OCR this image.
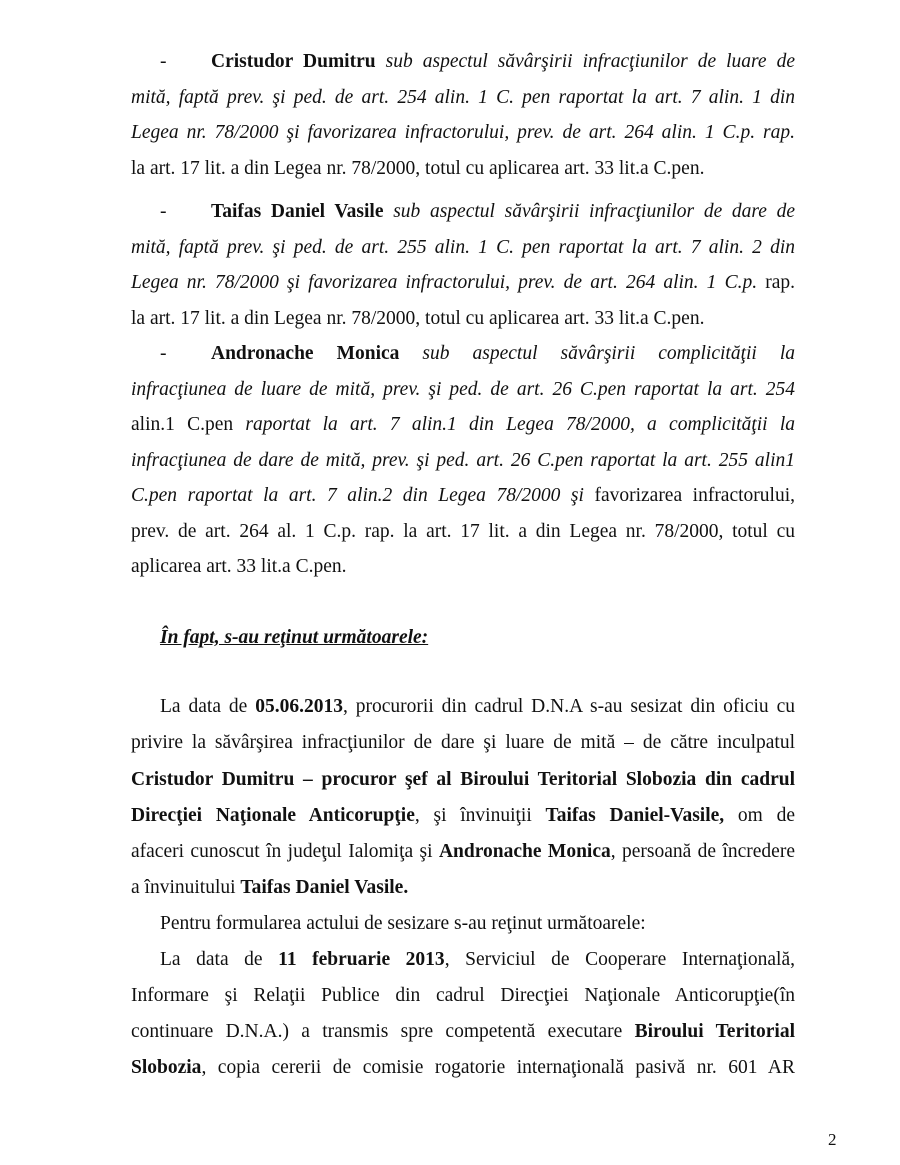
-	Cristudor Dumitru sub aspectul săvârşirii infracţiunilor de luare de
mită, faptă prev. şi ped. de art. 254 alin. 1 C. pen raportat la art. 7 alin. 1 din
Legea nr. 78/2000 şi favorizarea infractorului, prev. de art. 264 alin. 1 C.p. rap.
la art. 17 lit. a din Legea nr. 78/2000, totul cu aplicarea art. 33 lit.a C.pen.
-	Taifas Daniel Vasile sub aspectul săvârşirii infracţiunilor de dare de
mită, faptă prev. şi ped. de art. 255 alin. 1 C. pen raportat la art. 7 alin. 2 din
Legea nr. 78/2000 şi favorizarea infractorului, prev. de art. 264 alin. 1 C.p. rap.
la art. 17 lit. a din Legea nr. 78/2000, totul cu aplicarea art. 33 lit.a C.pen.
-	Andronache Monica sub aspectul săvârşirii complicităţii la
infracţiunea de luare de mită, prev. şi ped. de art. 26 C.pen raportat la art. 254
alin.1 C.pen raportat la art. 7 alin.1 din Legea 78/2000, a complicităţii la
infracţiunea de dare de mită, prev. şi ped. art. 26 C.pen raportat la art. 255 alin1
C.pen raportat la art. 7 alin.2 din Legea 78/2000 şi favorizarea infractorului,
prev. de art. 264 al. 1 C.p. rap. la art. 17 lit. a din Legea nr. 78/2000, totul cu
aplicarea art. 33 lit.a C.pen.
În fapt, s-au reţinut următoarele:
La data de 05.06.2013, procurorii din cadrul D.N.A s-au sesizat din oficiu cu
privire la săvârşirea infracţiunilor de dare şi luare de mită – de către inculpatul
Cristudor Dumitru – procuror şef al Biroului Teritorial Slobozia din cadrul
Direcţiei Naţionale Anticorupţie, şi învinuiţii Taifas Daniel-Vasile, om de
afaceri cunoscut în judeţul Ialomiţa şi Andronache Monica, persoană de încredere
a învinuitului Taifas Daniel Vasile.
Pentru formularea actului de sesizare s-au reţinut următoarele:
La data de 11 februarie 2013, Serviciul de Cooperare Internaţională,
Informare şi Relaţii Publice din cadrul Direcţiei Naţionale Anticorupţie(în
continuare D.N.A.) a transmis spre competentă executare Biroului Teritorial
Slobozia, copia cererii de comisie rogatorie internaţională pasivă nr. 601 AR
2
